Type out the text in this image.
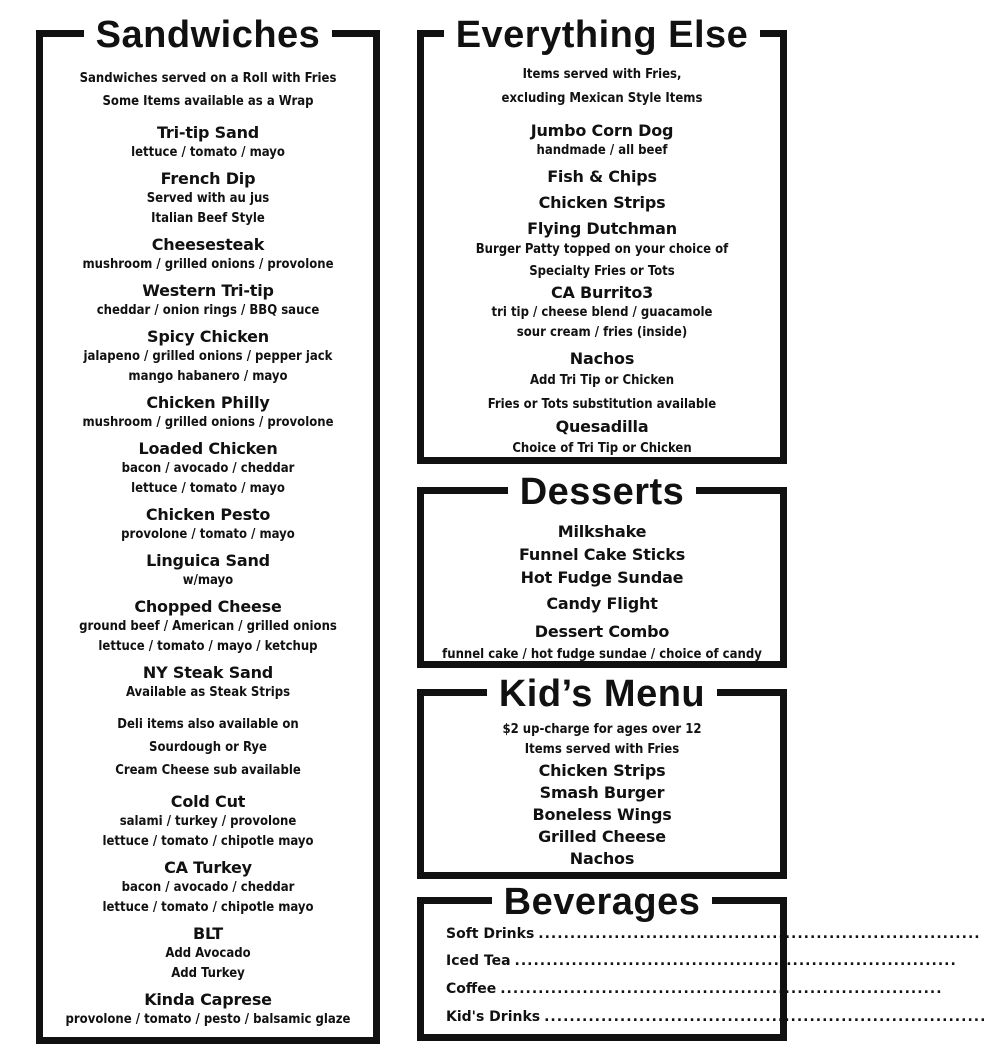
Sandwiches
Sandwiches served on a Roll with Fries
Some Items available as a Wrap
Tri-tip Sand
lettuce / tomato / mayo
French Dip
Served with au jus
Italian Beef Style
Cheesesteak
mushroom / grilled onions / provolone
Western Tri-tip
cheddar / onion rings / BBQ sauce
Spicy Chicken
jalapeno / grilled onions / pepper jack
mango habanero / mayo
Chicken Philly
mushroom / grilled onions / provolone
Loaded Chicken
bacon / avocado / cheddar
lettuce / tomato / mayo
Chicken Pesto
provolone / tomato / mayo
Linguica Sand
w/mayo
Chopped Cheese
ground beef / American / grilled onions
lettuce / tomato / mayo / ketchup
NY Steak Sand
Available as Steak Strips
Deli items also available on
Sourdough or Rye
Cream Cheese sub available
Cold Cut
salami / turkey / provolone
lettuce / tomato / chipotle mayo
CA Turkey
bacon / avocado / cheddar
lettuce / tomato / chipotle mayo
BLT
Add Avocado
Add Turkey
Kinda Caprese
provolone / tomato / pesto / balsamic glaze
Everything Else
Items served with Fries,
excluding Mexican Style Items
Jumbo Corn Dog
handmade / all beef
Fish & Chips
Chicken Strips
Flying Dutchman
Burger Patty topped on your choice of
Specialty Fries or Tots
CA Burrito3
tri tip / cheese blend / guacamole
sour cream / fries (inside)
Nachos
Add Tri Tip or Chicken
Fries or Tots substitution available
Quesadilla
Choice of Tri Tip or Chicken
Desserts
Milkshake
Funnel Cake Sticks
Hot Fudge Sundae
Candy Flight
Dessert Combo
funnel cake / hot fudge sundae / choice of candy
Kid’s Menu
$2 up-charge for ages over 12
Items served with Fries
Chicken Strips
Smash Burger
Boneless Wings
Grilled Cheese
Nachos
Beverages
Soft Drinks ......................................................................
Iced Tea ......................................................................
Coffee ......................................................................
Kid's Drinks ......................................................................
